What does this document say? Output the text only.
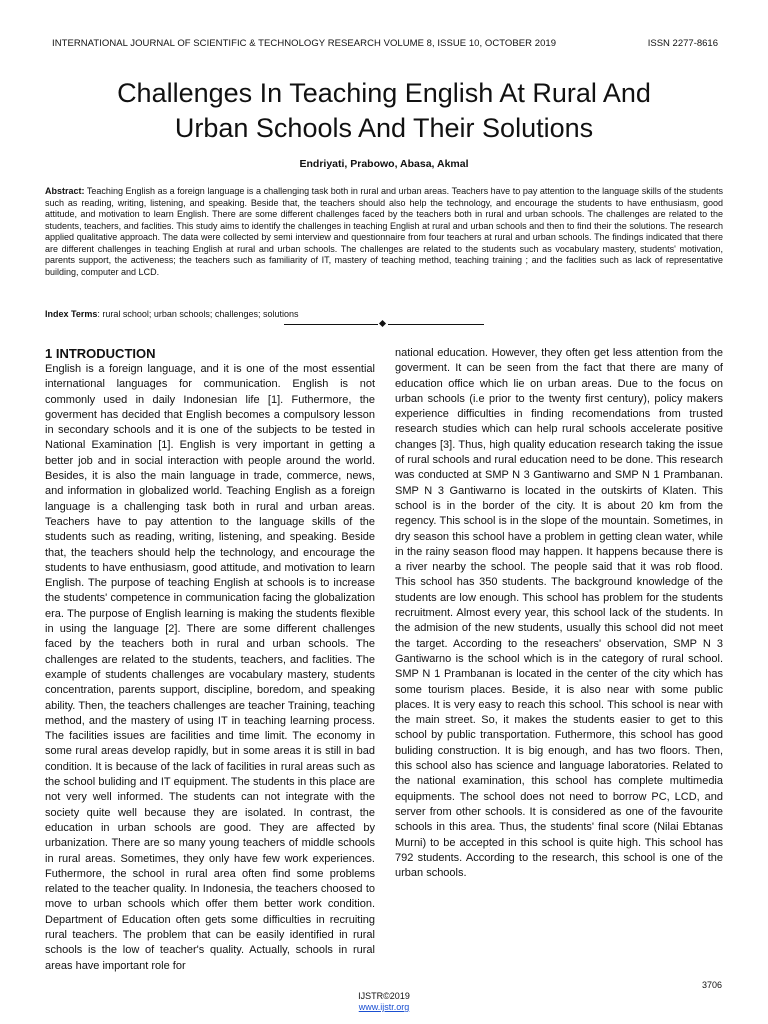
INTERNATIONAL JOURNAL OF SCIENTIFIC & TECHNOLOGY RESEARCH VOLUME 8, ISSUE 10, OCTOBER 2019	ISSN 2277-8616
Challenges In Teaching English At Rural And
Urban Schools And Their Solutions
Endriyati, Prabowo, Abasa, Akmal
Abstract: Teaching English as a foreign language is a challenging task both in rural and urban areas. Teachers have to pay attention to the language skills of the students such as reading, writing, listening, and speaking. Beside that, the teachers should also help the technology, and encourage the students to have enthusiasm, good attitude, and motivation to learn English. There are some different challenges faced by the teachers both in rural and urban schools. The challenges are related to the students, teachers, and faclities. This study aims to identify the challenges in teaching English at rural and urban schools and then to find their the solutions. The research applied qualitative approach. The data were collected by semi interview and questionnaire from four teachers at rural and urban schools. The findings indicated that there are different challenges in teaching English at rural and urban schools. The challenges are related to the students such as vocabulary mastery, students' motivation, parents support, the activeness; the teachers such as familiarity of IT, mastery of teaching method, teaching training ; and the faclities such as lack of representative building, computer and LCD.
Index Terms: rural school; urban schools; challenges; solutions
1 INTRODUCTION

English is a foreign language, and it is one of the most essential international languages for communication. English is not commonly used in daily Indonesian life [1]. Futhermore, the goverment has decided that English becomes a compulsory lesson in secondary schools and it is one of the subjects to be tested in National Examination [1]. English is very important in getting a better job and in social interaction with people around the world. Besides, it is also the main language in trade, commerce, news, and information in globalized world. Teaching English as a foreign language is a challenging task both in rural and urban areas. Teachers have to pay attention to the language skills of the students such as reading, writing, listening, and speaking. Beside that, the teachers should help the technology, and encourage the students to have enthusiasm, good attitude, and motivation to learn English. The purpose of teaching English at schools is to increase the students' competence in communication facing the globalization era. The purpose of English learning is making the students flexible in using the language [2]. There are some different challenges faced by the teachers both in rural and urban schools. The challenges are related to the students, teachers, and faclities. The example of students challenges are vocabulary mastery, students concentration, parents support, discipline, boredom, and speaking ability. Then, the teachers challenges are teacher Training, teaching method, and the mastery of using IT in teaching learning process. The facilities issues are facilities and time limit. The economy in some rural areas develop rapidly, but in some areas it is still in bad condition. It is because of the lack of facilities in rural areas such as the school buliding and IT equipment. The students in this place are not very well informed. The students can not integrate with the society quite well because they are isolated. In contrast, the education in urban schools are good. They are affected by urbanization. There are so many young teachers of middle schools in rural areas. Sometimes, they only have few work experiences. Futhermore, the school in rural area often find some problems related to the teacher quality. In Indonesia, the teachers choosed to move to urban schools which offer them better work condition. Department of Education often gets some difficulties in recruiting rural teachers. The problem that can be easily identified in rural schools is the low of teacher's quality. Actually, schools in rural areas have important role for

national education. However, they often get less attention from the goverment. It can be seen from the fact that there are many of education office which lie on urban areas. Due to the focus on urban schools (i.e prior to the twenty first century), policy makers experience difficulties in finding recomendations from trusted research studies which can help rural schools accelerate positive changes [3]. Thus, high quality education research taking the issue of rural schools and rural education need to be done. This research was conducted at SMP N 3 Gantiwarno and SMP N 1 Prambanan. SMP N 3 Gantiwarno is located in the outskirts of Klaten. This school is in the border of the city. It is about 20 km from the regency. This school is in the slope of the mountain. Sometimes, in dry season this school have a problem in getting clean water, while in the rainy season flood may happen. It happens because there is a river nearby the school. The people said that it was rob flood. This school has 350 students. The background knowledge of the students are low enough. This school has problem for the students recruitment. Almost every year, this school lack of the students. In the admision of the new students, usually this school did not meet the target. According to the reseachers' observation, SMP N 3 Gantiwarno is the school which is in the category of rural school. SMP N 1 Prambanan is located in the center of the city which has some tourism places. Beside, it is also near with some public places. It is very easy to reach this school. This school is near with the main street. So, it makes the students easier to get to this school by public transportation. Futhermore, this school has good buliding construction. It is big enough, and has two floors. Then, this school also has science and language laboratories. Related to the national examination, this school has complete multimedia equipments. The school does not need to borrow PC, LCD, and server from other schools. It is considered as one of the favourite schools in this area. Thus, the students' final score (Nilai Ebtanas Murni) to be accepted in this school is quite high. This school has 792 students. According to the research, this school is one of the urban schools.

3706
IJSTR©2019
www.ijstr.org
